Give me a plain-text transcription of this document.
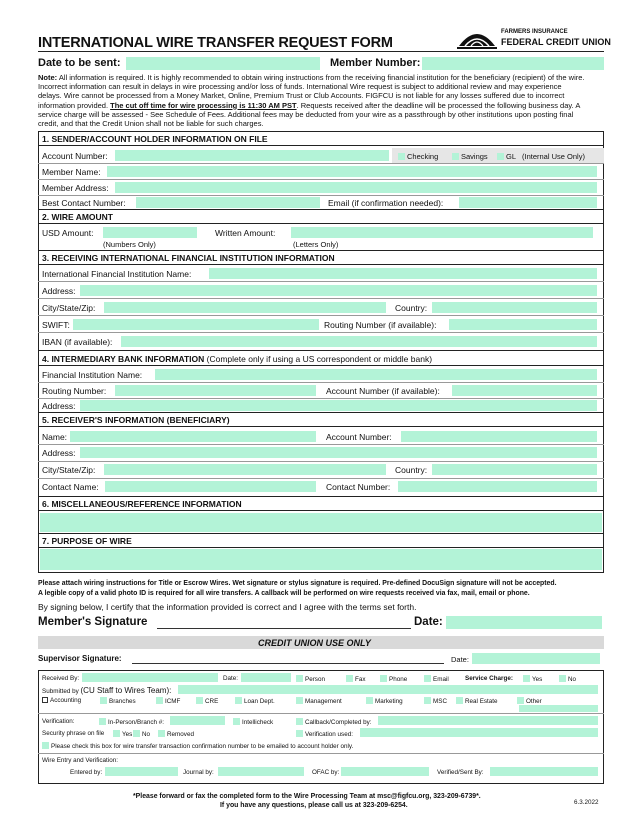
INTERNATIONAL WIRE TRANSFER REQUEST FORM
FARMERS INSURANCE
FEDERAL CREDIT UNION
Date to be sent:	Member Number:
Note: All information is required. It is highly recommended to obtain wiring instructions from the receiving financial institution for the beneficiary (recipient) of the wire.
Incorrect information can result in delays in wire processing and/or loss of funds. International Wire request is subject to additional review and may experience
delays. Wire cannot be processed from a Money Market, Online, Premium Trust or Club Accounts. FIGFCU is not liable for any losses suffered due to incorrect
information provided. The cut off time for wire processing is 11:30 AM PST. Requests received after the deadline will be processed the following business day. A
service charge will be assessed - See Schedule of Fees. Additional fees may be deducted from your wire as a passthrough by other institutions upon posting final
credit, and that the Credit Union shall not be liable for such charges.
1. SENDER/ACCOUNT HOLDER INFORMATION ON FILE
Account Number:	Checking	Savings	GL (Internal Use Only)
Member Name:
Member Address:
Best Contact Number:	Email (if confirmation needed):
2. WIRE AMOUNT
USD Amount:	Written Amount:
(Numbers Only)	(Letters Only)
3. RECEIVING INTERNATIONAL FINANCIAL INSTITUTION INFORMATION
International Financial Institution Name:
Address:
City/State/Zip:	Country:
SWIFT:	Routing Number (if available):
IBAN (if available):
4. INTERMEDIARY BANK INFORMATION (Complete only if using a US correspondent or middle bank)
Financial Institution Name:
Routing Number:	Account Number (if available):
Address:
5. RECEIVER'S INFORMATION (BENEFICIARY)
Name:	Account Number:
Address:
City/State/Zip:	Country:
Contact Name:	Contact Number:
6. MISCELLANEOUS/REFERENCE INFORMATION
7. PURPOSE OF WIRE
Please attach wiring instructions for Title or Escrow Wires. Wet signature or stylus signature is required. Pre-defined DocuSign signature will not be accepted.
A legible copy of a valid photo ID is required for all wire transfers. A callback will be performed on wire requests received via fax, mail, email or phone.
By signing below, I certify that the information provided is correct and I agree with the terms set forth.
Member's Signature	Date:
CREDIT UNION USE ONLY
Supervisor Signature:	Date:
Received By:	Date:	Person	Fax	Phone	Email	Service Charge:	Yes	No
Submitted by (CU Staff to Wires Team):
Accounting	Branches	ICMF	CRE	Loan Dept.	Management	Marketing	MSC	Real Estate	Other
Verification:	In-Person/Branch #:	Intellicheck	Callback/Completed by:
Security phrase on file	Yes	No	Removed	Verification used:
Please check this box for wire transfer transaction confirmation number to be emailed to account holder only.
Wire Entry and Verification:
Entered by:	Journal by:	OFAC by:	Verified/Sent By:
*Please forward or fax the completed form to the Wire Processing Team at msc@figfcu.org, 323-209-6739*.
If you have any questions, please call us at 323-209-6254.	6.3.2022
